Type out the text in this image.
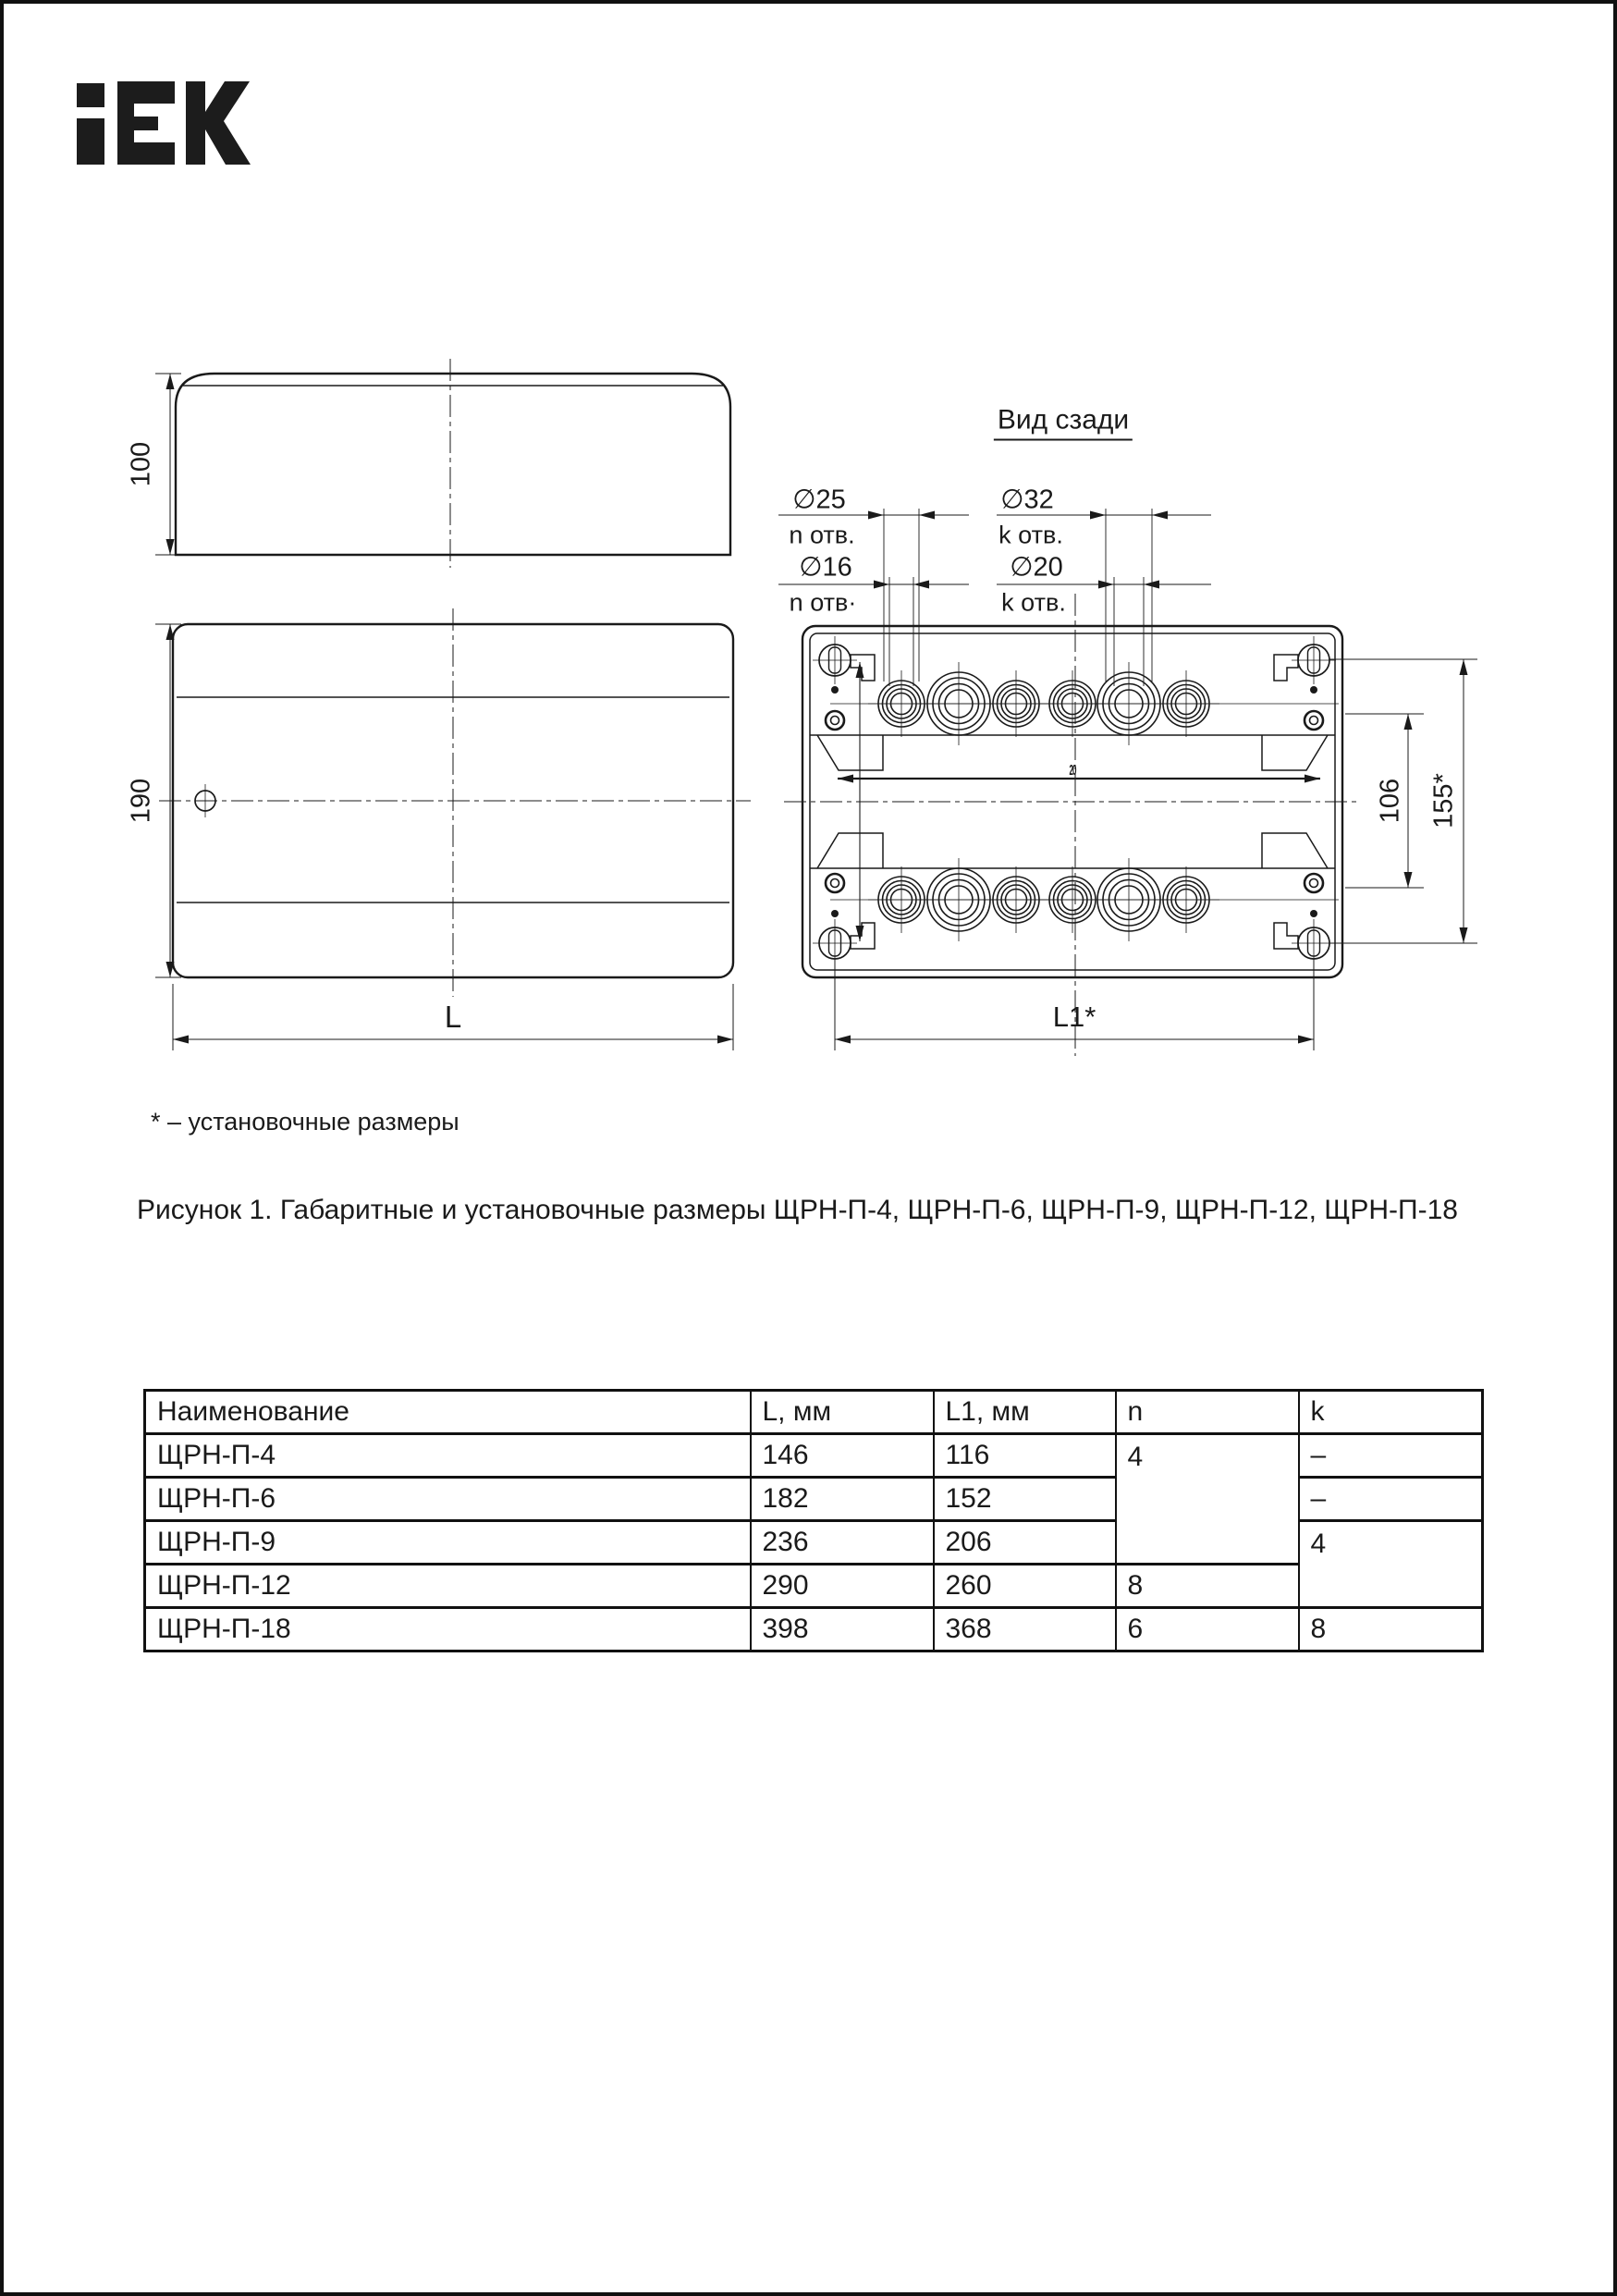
Вид сзади
100
190
L	L1*
106 155*
∅25
n отв.
∅16
n отв·
∅32
k отв.
∅20
k отв.
20
* – установочные размеры
Рисунок 1. Габаритные и установочные размеры ЩРН-П-4, ЩРН-П-6, ЩРН-П-9, ЩРН-П-12, ЩРН-П-18
Наименование	L, мм	L1, мм	n	k
ЩРН-П-4	146	116	4	–
ЩРН-П-6	182	152		–
ЩРН-П-9	236	206		4
ЩРН-П-12	290	260	8	
ЩРН-П-18	398	368	6	8
